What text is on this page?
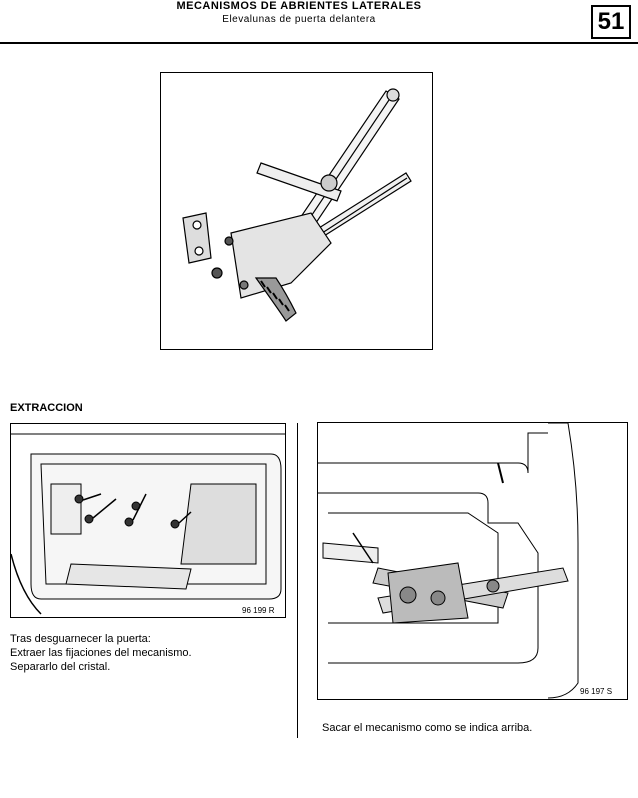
MECANISMOS DE ABRIENTES LATERALES
Elevalunas de puerta delantera	51
EXTRACCION
96 199 R
Tras desguarnecer la puerta:
Extraer las fijaciones del mecanismo.
Separarlo del cristal.
96 197 S
Sacar el mecanismo como se indica arriba.
